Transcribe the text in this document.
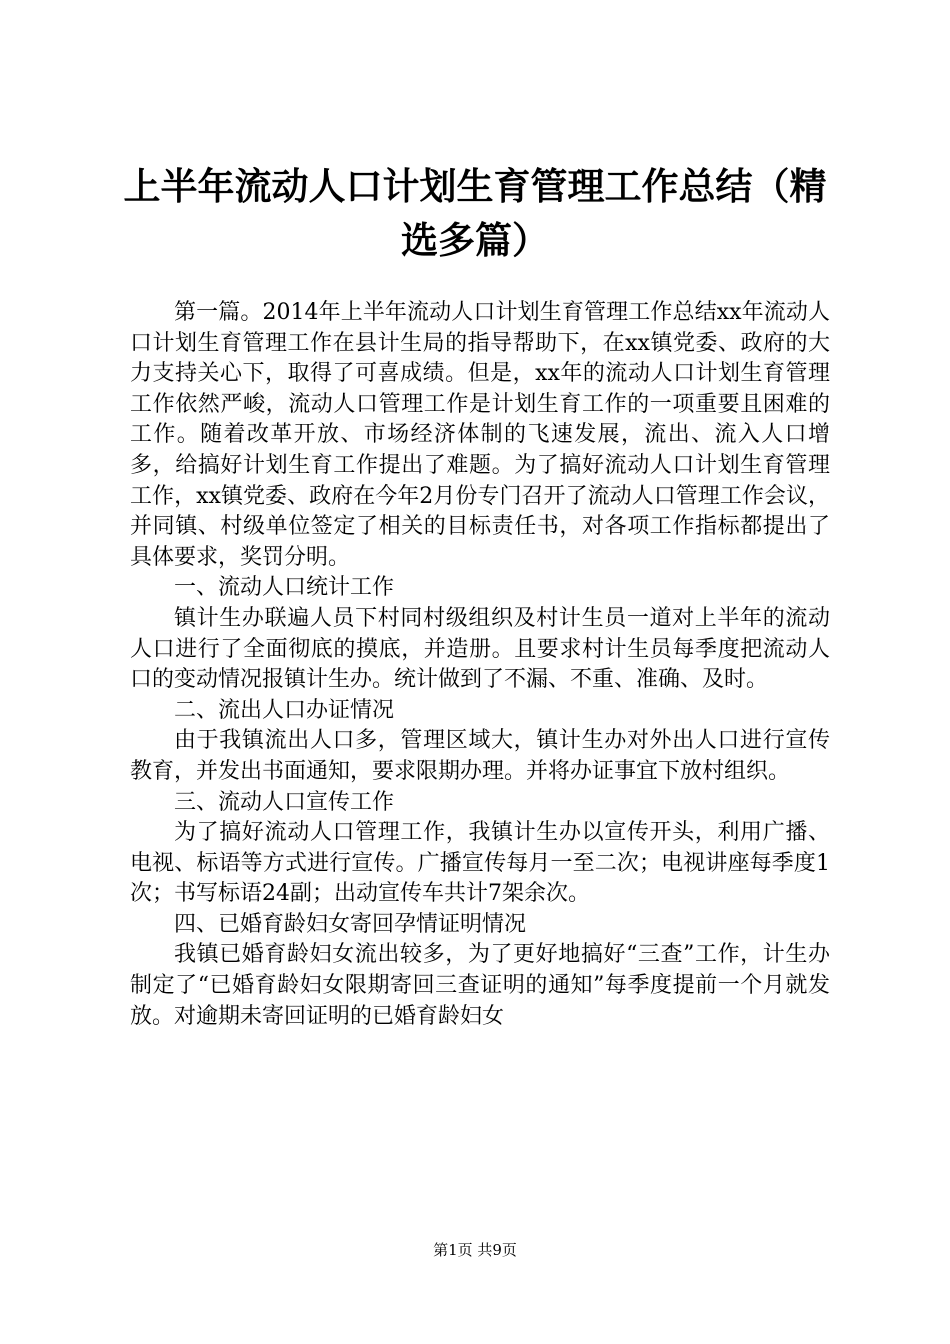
上半年流动人口计划生育管理工作总结（精选多篇）

第一篇。2014年上半年流动人口计划生育管理工作总结xx年流动人口计划生育管理工作在县计生局的指导帮助下，在xx镇党委、政府的大力支持关心下，取得了可喜成绩。但是，xx年的流动人口计划生育管理工作依然严峻，流动人口管理工作是计划生育工作的一项重要且困难的工作。随着改革开放、市场经济体制的飞速发展，流出、流入人口增多，给搞好计划生育工作提出了难题。为了搞好流动人口计划生育管理工作，xx镇党委、政府在今年2月份专门召开了流动人口管理工作会议，并同镇、村级单位签定了相关的目标责任书，对各项工作指标都提出了具体要求，奖罚分明。

一、流动人口统计工作

镇计生办联遍人员下村同村级组织及村计生员一道对上半年的流动人口进行了全面彻底的摸底，并造册。且要求村计生员每季度把流动人口的变动情况报镇计生办。统计做到了不漏、不重、准确、及时。

二、流出人口办证情况

由于我镇流出人口多，管理区域大，镇计生办对外出人口进行宣传教育，并发出书面通知，要求限期办理。并将办证事宜下放村组织。

三、流动人口宣传工作

为了搞好流动人口管理工作，我镇计生办以宣传开头，利用广播、电视、标语等方式进行宣传。广播宣传每月一至二次；电视讲座每季度1次；书写标语24副；出动宣传车共计7架余次。

四、已婚育龄妇女寄回孕情证明情况

我镇已婚育龄妇女流出较多，为了更好地搞好“三查”工作，计生办制定了“已婚育龄妇女限期寄回三查证明的通知”每季度提前一个月就发放。对逾期未寄回证明的已婚育龄妇女

第1页 共9页
